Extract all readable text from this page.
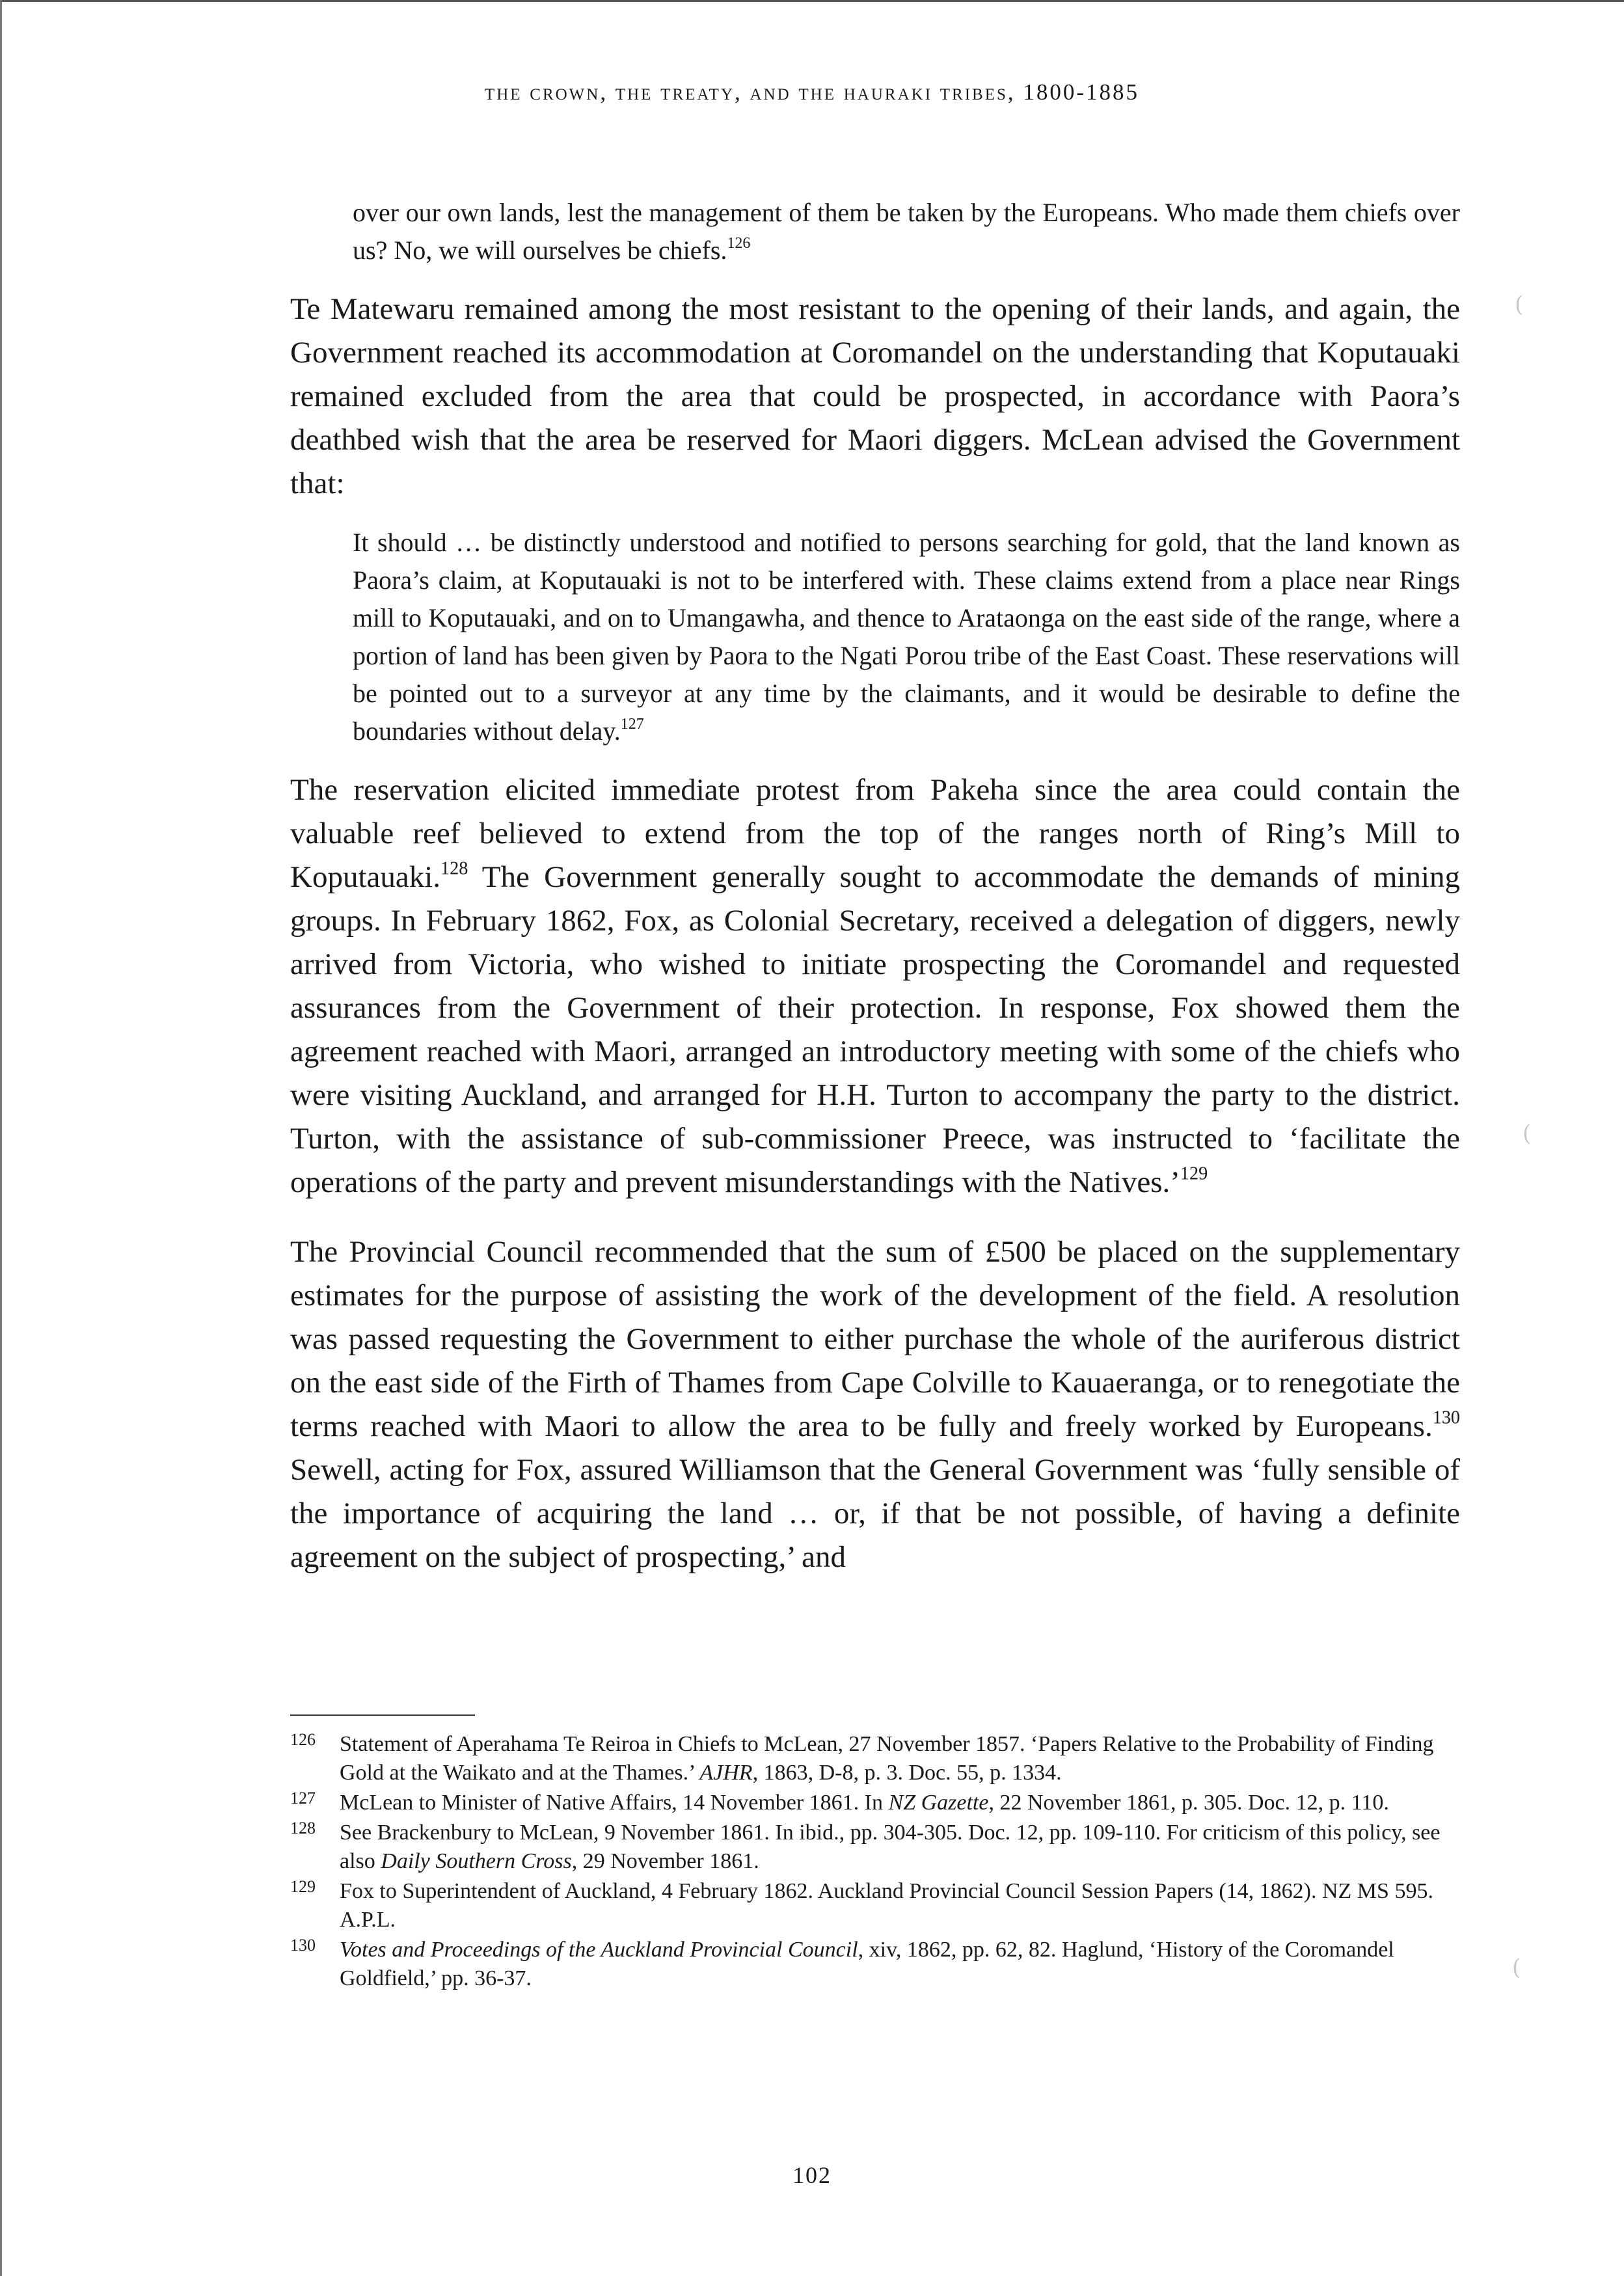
the crown, the treaty, and the hauraki tribes, 1800-1885

over our own lands, lest the management of them be taken by the Europeans. Who made them chiefs over us? No, we will ourselves be chiefs.$^{126}$

Te Matewaru remained among the most resistant to the opening of their lands, and again, the Government reached its accommodation at Coromandel on the understanding that Koputauaki remained excluded from the area that could be prospected, in accordance with Paora’s deathbed wish that the area be reserved for Maori diggers. McLean advised the Government that:

It should … be distinctly understood and notified to persons searching for gold, that the land known as Paora’s claim, at Koputauaki is not to be interfered with. These claims extend from a place near Rings mill to Koputauaki, and on to Umangawha, and thence to Arataonga on the east side of the range, where a portion of land has been given by Paora to the Ngati Porou tribe of the East Coast. These reservations will be pointed out to a surveyor at any time by the claimants, and it would be desirable to define the boundaries without delay.$^{127}$

The reservation elicited immediate protest from Pakeha since the area could contain the valuable reef believed to extend from the top of the ranges north of Ring’s Mill to Koputauaki.$^{128}$ The Government generally sought to accommodate the demands of mining groups. In February 1862, Fox, as Colonial Secretary, received a delegation of diggers, newly arrived from Victoria, who wished to initiate prospecting the Coromandel and requested assurances from the Government of their protection. In response, Fox showed them the agreement reached with Maori, arranged an introductory meeting with some of the chiefs who were visiting Auckland, and arranged for H.H. Turton to accompany the party to the district. Turton, with the assistance of sub-commissioner Preece, was instructed to ‘facilitate the operations of the party and prevent misunderstandings with the Natives.’$^{129}$

The Provincial Council recommended that the sum of £500 be placed on the supplementary estimates for the purpose of assisting the work of the development of the field. A resolution was passed requesting the Government to either purchase the whole of the auriferous district on the east side of the Firth of Thames from Cape Colville to Kauaeranga, or to renegotiate the terms reached with Maori to allow the area to be fully and freely worked by Europeans.$^{130}$ Sewell, acting for Fox, assured Williamson that the General Government was ‘fully sensible of the importance of acquiring the land … or, if that be not possible, of having a definite agreement on the subject of prospecting,’ and

126	Statement of Aperahama Te Reiroa in Chiefs to McLean, 27 November 1857. ‘Papers Relative to the Probability of Finding Gold at the Waikato and at the Thames.’ AJHR, 1863, D-8, p. 3. Doc. 55, p. 1334.
127	McLean to Minister of Native Affairs, 14 November 1861. In NZ Gazette, 22 November 1861, p. 305. Doc. 12, p. 110.
128	See Brackenbury to McLean, 9 November 1861. In ibid., pp. 304-305. Doc. 12, pp. 109-110. For criticism of this policy, see also Daily Southern Cross, 29 November 1861.
129	Fox to Superintendent of Auckland, 4 February 1862. Auckland Provincial Council Session Papers (14, 1862). NZ MS 595. A.P.L.
130	Votes and Proceedings of the Auckland Provincial Council, xiv, 1862, pp. 62, 82. Haglund, ‘History of the Coromandel Goldfield,’ pp. 36-37.
102
(
(
(
